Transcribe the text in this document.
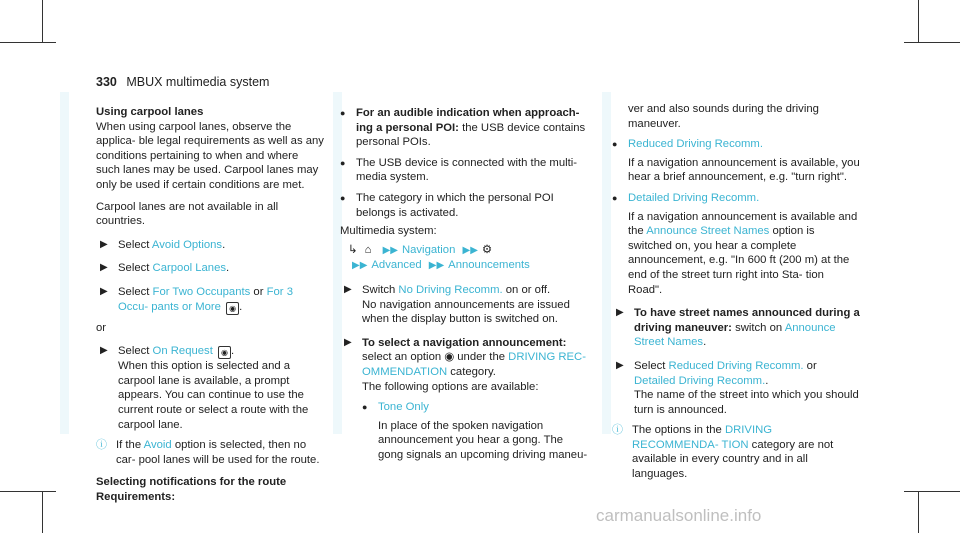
330 MBUX multimedia system
Using carpool lanes

When using carpool lanes, observe the applica- ble legal requirements as well as any conditions pertaining to when and where such lanes may be used. Carpool lanes may only be used if certain conditions are met.

Carpool lanes are not available in all countries.

▶ Select Avoid Options.
▶ Select Carpool Lanes.
▶ Select For Two Occupants or For 3 Occu- pants or More ◉ .
or
▶ Select On Request ◉ .
When this option is selected and a carpool lane is available, a prompt appears. You can continue to use the current route or select a route with the carpool lane.
ⓘ If the Avoid option is selected, then no car- pool lanes will be used for the route.
Selecting notifications for the route
Requirements:
● For an audible indication when approach- ing a personal POI: the USB device contains personal POIs.
● The USB device is connected with the multi- media system.
● The category in which the personal POI belongs is activated.
Multimedia system:
↳ ⌂ ▶▶ Navigation ▶▶ ⚙
▶▶ Advanced ▶▶ Announcements
▶ Switch No Driving Recomm. on or off.
No navigation announcements are issued when the display button is switched on.
▶ To select a navigation announcement:
select an option ◉ under the DRIVING REC- OMMENDATION category.
The following options are available:
● Tone Only
In place of the spoken navigation announcement you hear a gong. The gong signals an upcoming driving maneu-
ver and also sounds during the driving maneuver.
● Reduced Driving Recomm.
If a navigation announcement is available, you hear a brief announcement, e.g. "turn right".
● Detailed Driving Recomm.
If a navigation announcement is available and the Announce Street Names option is switched on, you hear a complete announcement, e.g. "In 600 ft (200 m) at the end of the street turn right into Sta- tion Road".
▶ To have street names announced during a driving maneuver: switch on Announce Street Names.
▶ Select Reduced Driving Recomm. or Detailed Driving Recomm..
The name of the street into which you should turn is announced.
ⓘ The options in the DRIVING RECOMMENDA- TION category are not available in every country and in all languages.
carmanualsonline.info
